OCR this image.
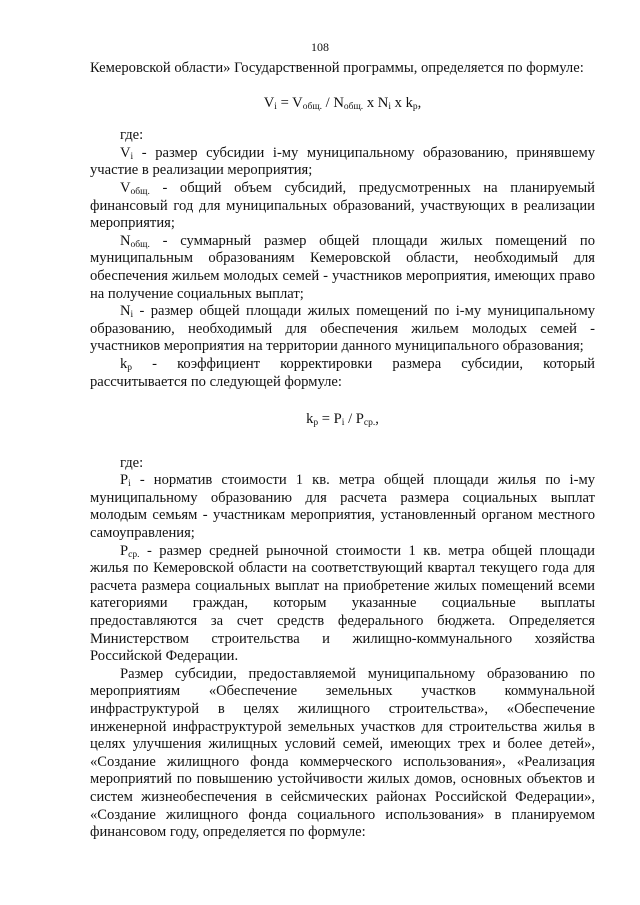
108

Кемеровской области» Государственной программы, определяется по формуле:

$V_i = V_{общ.} / N_{общ.}$ x $N_i$ x $k_p$,

где:

$V_i$ - размер субсидии i-му муниципальному образованию, принявшему участие в реализации мероприятия;

$V_{общ.}$ - общий объем субсидий, предусмотренных на планируемый финансовый год для муниципальных образований, участвующих в реализации мероприятия;

$N_{общ.}$ - суммарный размер общей площади жилых помещений по муниципальным образованиям Кемеровской области, необходимый для обеспечения жильем молодых семей - участников мероприятия, имеющих право на получение социальных выплат;

$N_i$ - размер общей площади жилых помещений по i-му муниципальному образованию, необходимый для обеспечения жильем молодых семей - участников мероприятия на территории данного муниципального образования;

$k_р$ - коэффициент корректировки размера субсидии, который рассчитывается по следующей формуле:

$k_р = P_i / P_{ср.}$,

где:

$P_i$ - норматив стоимости 1 кв. метра общей площади жилья по i-му муниципальному образованию для расчета размера социальных выплат молодым семьям - участникам мероприятия, установленный органом местного самоуправления;

$P_{ср.}$ - размер средней рыночной стоимости 1 кв. метра общей площади жилья по Кемеровской области на соответствующий квартал текущего года для расчета размера социальных выплат на приобретение жилых помещений всеми категориями граждан, которым указанные социальные выплаты предоставляются за счет средств федерального бюджета. Определяется Министерством строительства и жилищно-коммунального хозяйства Российской Федерации.

Размер субсидии, предоставляемой муниципальному образованию по мероприятиям «Обеспечение земельных участков коммунальной инфраструктурой в целях жилищного строительства», «Обеспечение инженерной инфраструктурой земельных участков для строительства жилья в целях улучшения жилищных условий семей, имеющих трех и более детей», «Создание жилищного фонда коммерческого использования», «Реализация мероприятий по повышению устойчивости жилых домов, основных объектов и систем жизнеобеспечения в сейсмических районах Российской Федерации», «Создание жилищного фонда социального использования» в планируемом финансовом году, определяется по формуле:
